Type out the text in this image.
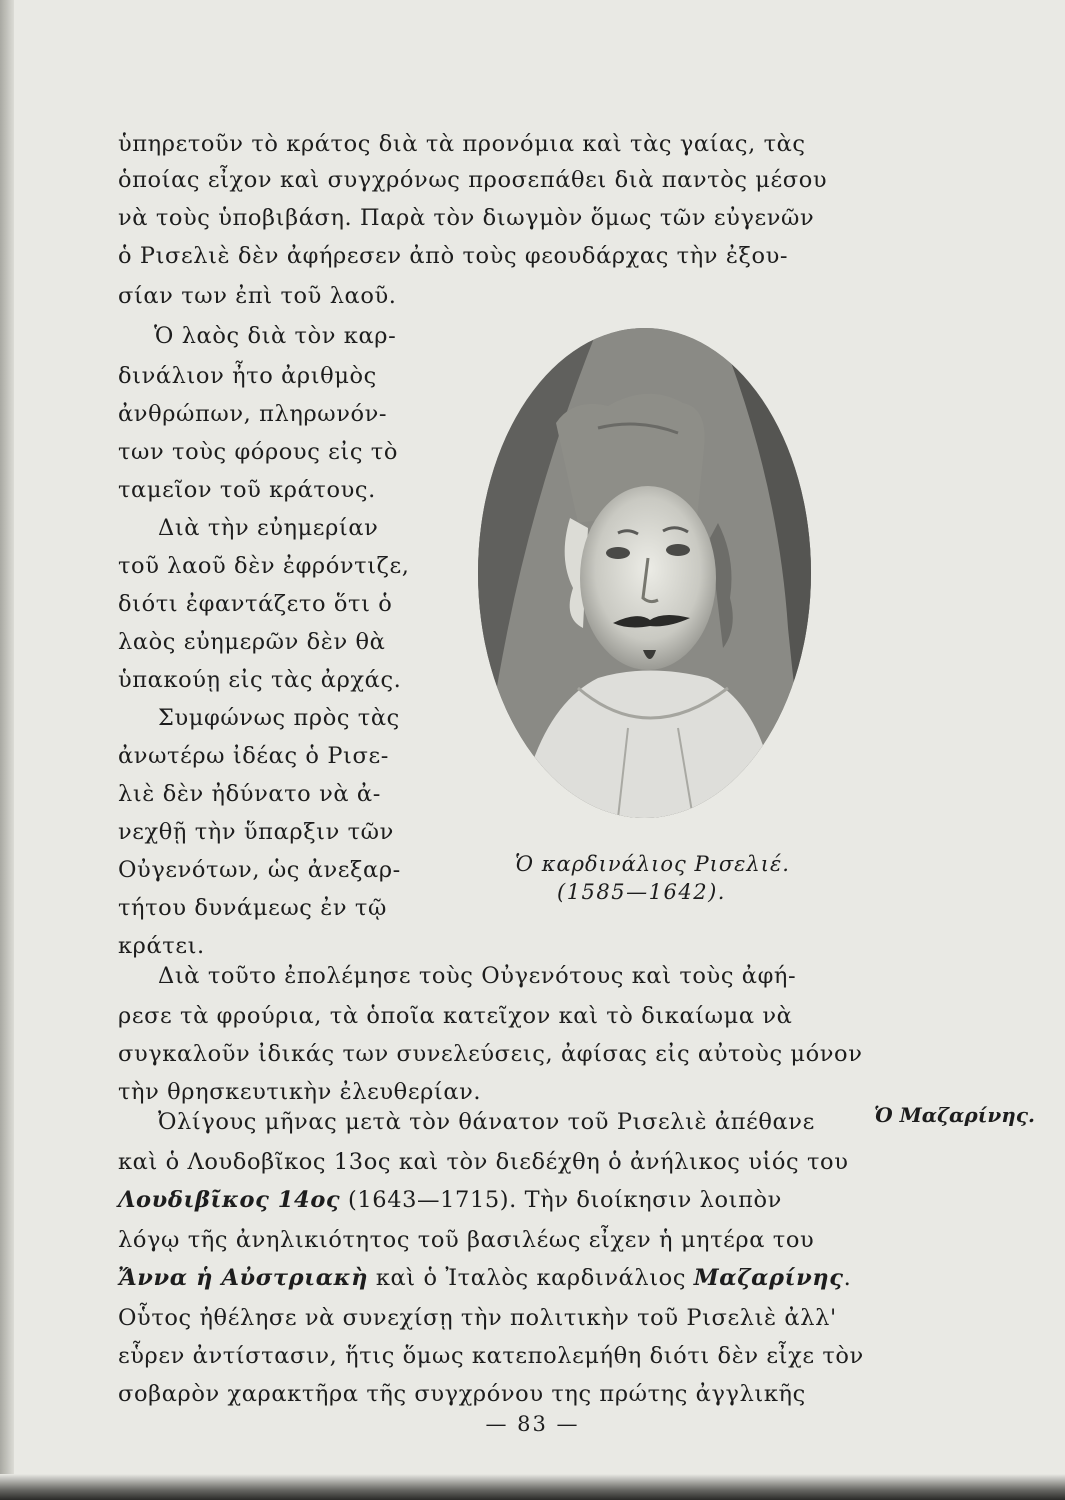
ὑπηρετοῦν τὸ κράτος διὰ τὰ προνόμια καὶ τὰς γαίας, τὰς
ὁποίας εἶχον καὶ συγχρόνως προσεπάθει διὰ παντὸς μέσου
νὰ τοὺς ὑποβιβάση. Παρὰ τὸν διωγμὸν ὅμως τῶν εὐγενῶν
ὁ Ρισελιὲ δὲν ἀφήρεσεν ἀπὸ τοὺς φεουδάρχας τὴν ἐξου-
σίαν των ἐπὶ τοῦ λαοῦ.
Ὁ λαὸς διὰ τὸν καρ-
δινάλιον ἦτο ἀριθμὸς
ἀνθρώπων, πληρωνόν-
των τοὺς φόρους εἰς τὸ
ταμεῖον τοῦ κράτους.
Διὰ τὴν εὐημερίαν
τοῦ λαοῦ δὲν ἐφρόντιζε,
διότι ἐφαντάζετο ὅτι ὁ
λαὸς εὐημερῶν δὲν θὰ
ὑπακούῃ εἰς τὰς ἀρχάς.
Συμφώνως πρὸς τὰς
ἀνωτέρω ἰδέας ὁ Ρισε-
λιὲ δὲν ἠδύνατο νὰ ἀ-
νεχθῇ τὴν ὕπαρξιν τῶν
Οὐγενότων, ὡς ἀνεξαρ-
τήτου δυνάμεως ἐν τῷ
κράτει.
Ὁ καρδινάλιος Ρισελιέ.
(1585—1642).
Διὰ τοῦτο ἐπολέμησε τοὺς Οὐγενότους καὶ τοὺς ἀφή-
ρεσε τὰ φρούρια, τὰ ὁποῖα κατεῖχον καὶ τὸ δικαίωμα νὰ
συγκαλοῦν ἰδικάς των συνελεύσεις, ἀφίσας εἰς αὐτοὺς μόνον
τὴν θρησκευτικὴν ἐλευθερίαν.
Ὀλίγους μῆνας μετὰ τὸν θάνατον τοῦ Ρισελιὲ ἀπέθανε
καὶ ὁ Λουδοβῖκος 13ος καὶ τὸν διεδέχθη ὁ ἀνήλικος υἱός του
Λουδιβῖκος 14ος (1643—1715). Τὴν διοίκησιν λοιπὸν
λόγῳ τῆς ἀνηλικιότητος τοῦ βασιλέως εἶχεν ἡ μητέρα του
Ἄννα ἡ Αὐστριακὴ καὶ ὁ Ἰταλὸς καρδινάλιος Μαζαρίνης.
Οὗτος ἠθέλησε νὰ συνεχίσῃ τὴν πολιτικὴν τοῦ Ρισελιὲ ἀλλ'
εὗρεν ἀντίστασιν, ἥτις ὅμως κατεπολεμήθη διότι δὲν εἶχε τὸν
σοβαρὸν χαρακτῆρα τῆς συγχρόνου της πρώτης ἀγγλικῆς
Ὁ Μαζαρίνης.
— 83 —
